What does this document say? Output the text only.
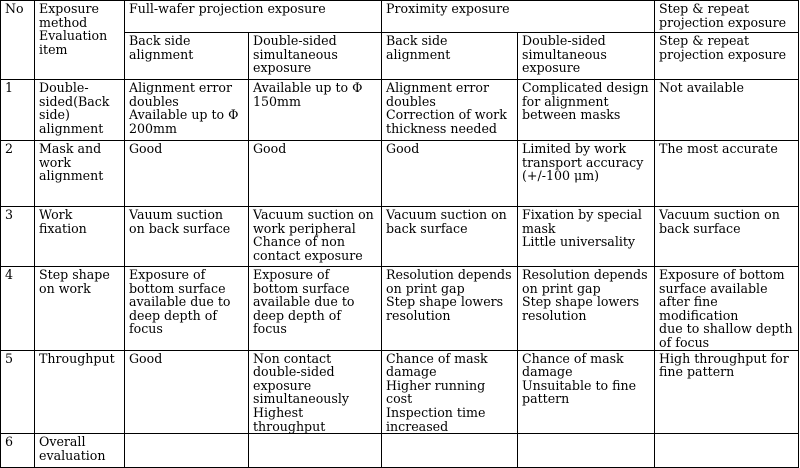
No	Exposure
method
Evaluation
item	Full-wafer projection exposure		Proximity exposure		Step & repeat
projection exposure
		Back side
alignment	Double-sided
simultaneous
exposure	Back side alignment	Double-sided
simultaneous
exposure	Step & repeat
projection exposure
1	Double-
sided(Back
side)
alignment	Alignment error
doubles
Available up to Φ
200mm	Available up to Φ
150mm	Alignment error
doubles
Correction of work
thickness needed	Complicated design
for alignment
between masks	Not available
2	Mask and
work
alignment	Good	Good	Good	Limited by work
transport accuracy
(+/-100 μm)	The most accurate
3	Work
fixation	Vauum suction
on back surface	Vacuum suction on
work peripheral
Chance of non
contact exposure	Vacuum suction on
back surface	Fixation by special
mask
Little universality	Vacuum suction on
back surface
4	Step shape
on work	Exposure of
bottom surface
available due to
deep depth of
focus	Exposure of
bottom surface
available due to
deep depth of focus	Resolution depends
on print gap
Step shape lowers
resolution	Resolution depends
on print gap
Step shape lowers
resolution	Exposure of bottom
surface available
after fine modification
due to shallow depth
of focus
5	Throughput	Good	Non contact
double-sided
exposure
simultaneously
Highest throughput	Chance of mask
damage
Higher running cost
Inspection time
increased	Chance of mask
damage
Unsuitable to fine
pattern	High throughput for
fine pattern
6	Overall
evaluation					
